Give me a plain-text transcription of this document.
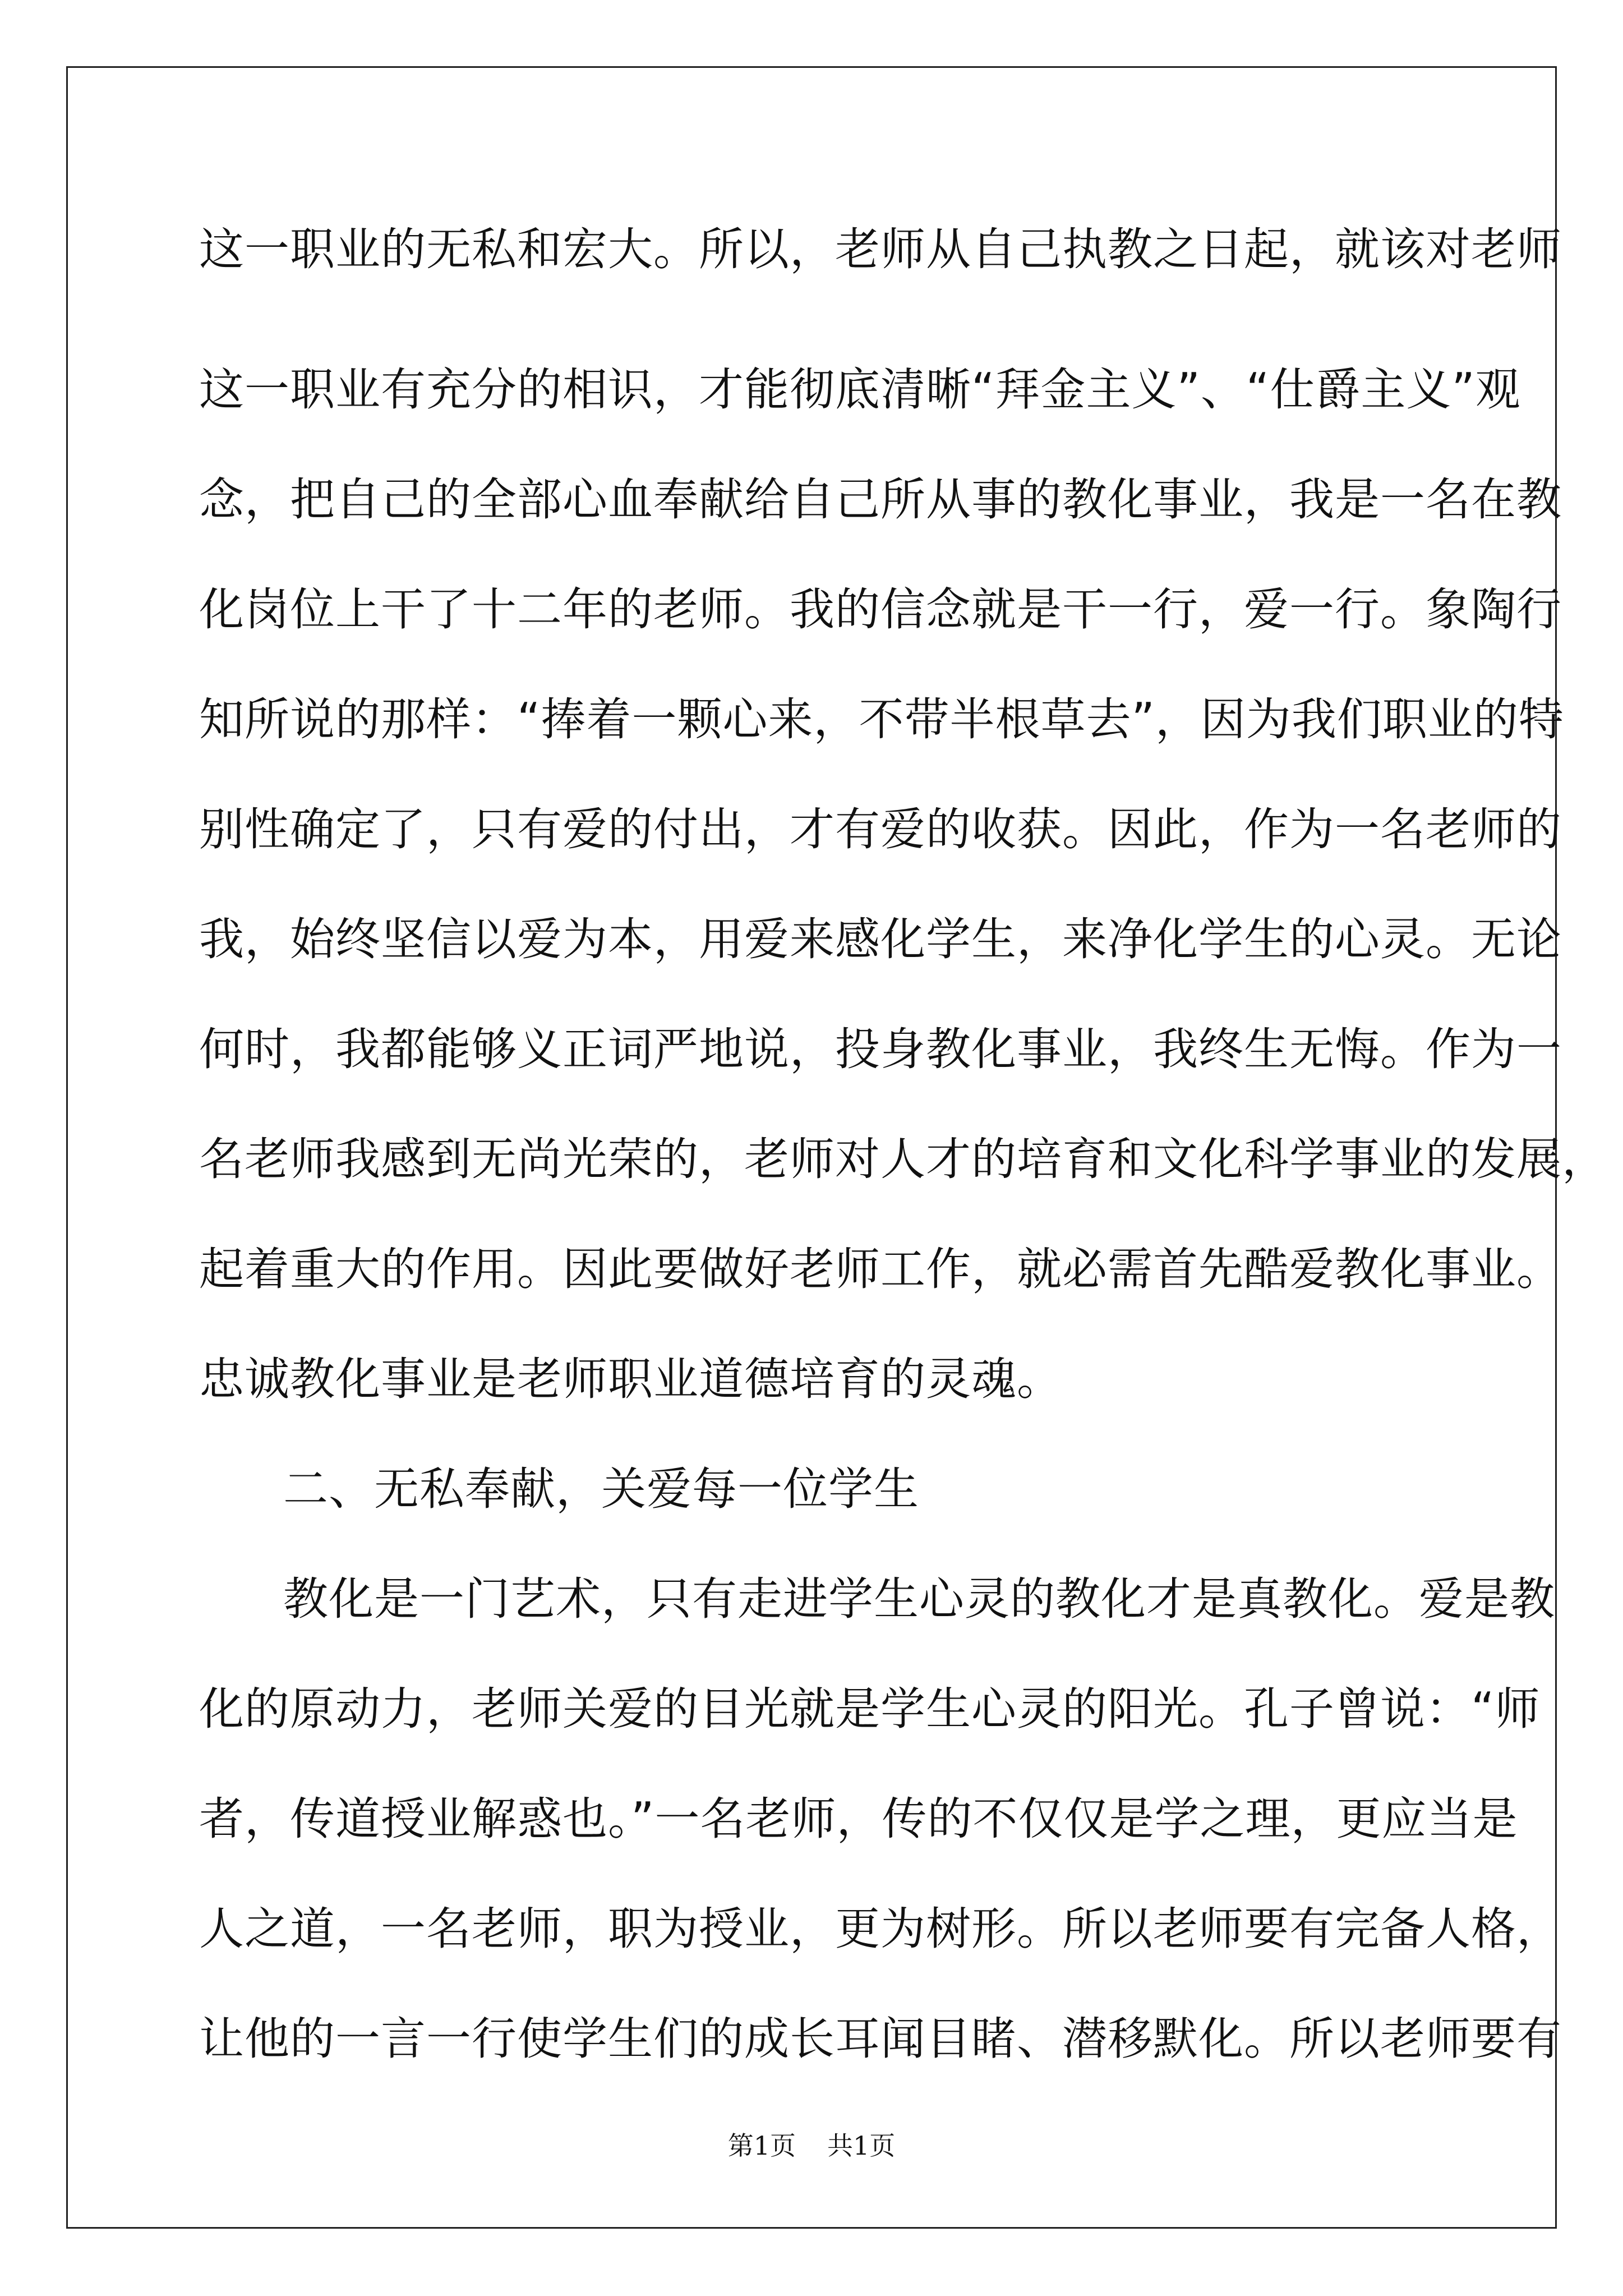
这一职业的无私和宏大。所以，老师从自己执教之日起，就该对老师
这一职业有充分的相识，才能彻底清晰“拜金主义”、“仕爵主义”观
念，把自己的全部心血奉献给自己所从事的教化事业，我是一名在教
化岗位上干了十二年的老师。我的信念就是干一行，爱一行。象陶行
知所说的那样：“捧着一颗心来，不带半根草去”，因为我们职业的特
别性确定了，只有爱的付出，才有爱的收获。因此，作为一名老师的
我，始终坚信以爱为本，用爱来感化学生，来净化学生的心灵。无论
何时，我都能够义正词严地说，投身教化事业，我终生无悔。作为一
名老师我感到无尚光荣的，老师对人才的培育和文化科学事业的发展，
起着重大的作用。因此要做好老师工作，就必需首先酷爱教化事业。
忠诚教化事业是老师职业道德培育的灵魂。
二、无私奉献，关爱每一位学生
教化是一门艺术，只有走进学生心灵的教化才是真教化。爱是教
化的原动力，老师关爱的目光就是学生心灵的阳光。孔子曾说：“师
者，传道授业解惑也。”一名老师，传的不仅仅是学之理，更应当是
人之道，一名老师，职为授业，更为树形。所以老师要有完备人格，
让他的一言一行使学生们的成长耳闻目睹、潜移默化。所以老师要有
第1页 共1页
